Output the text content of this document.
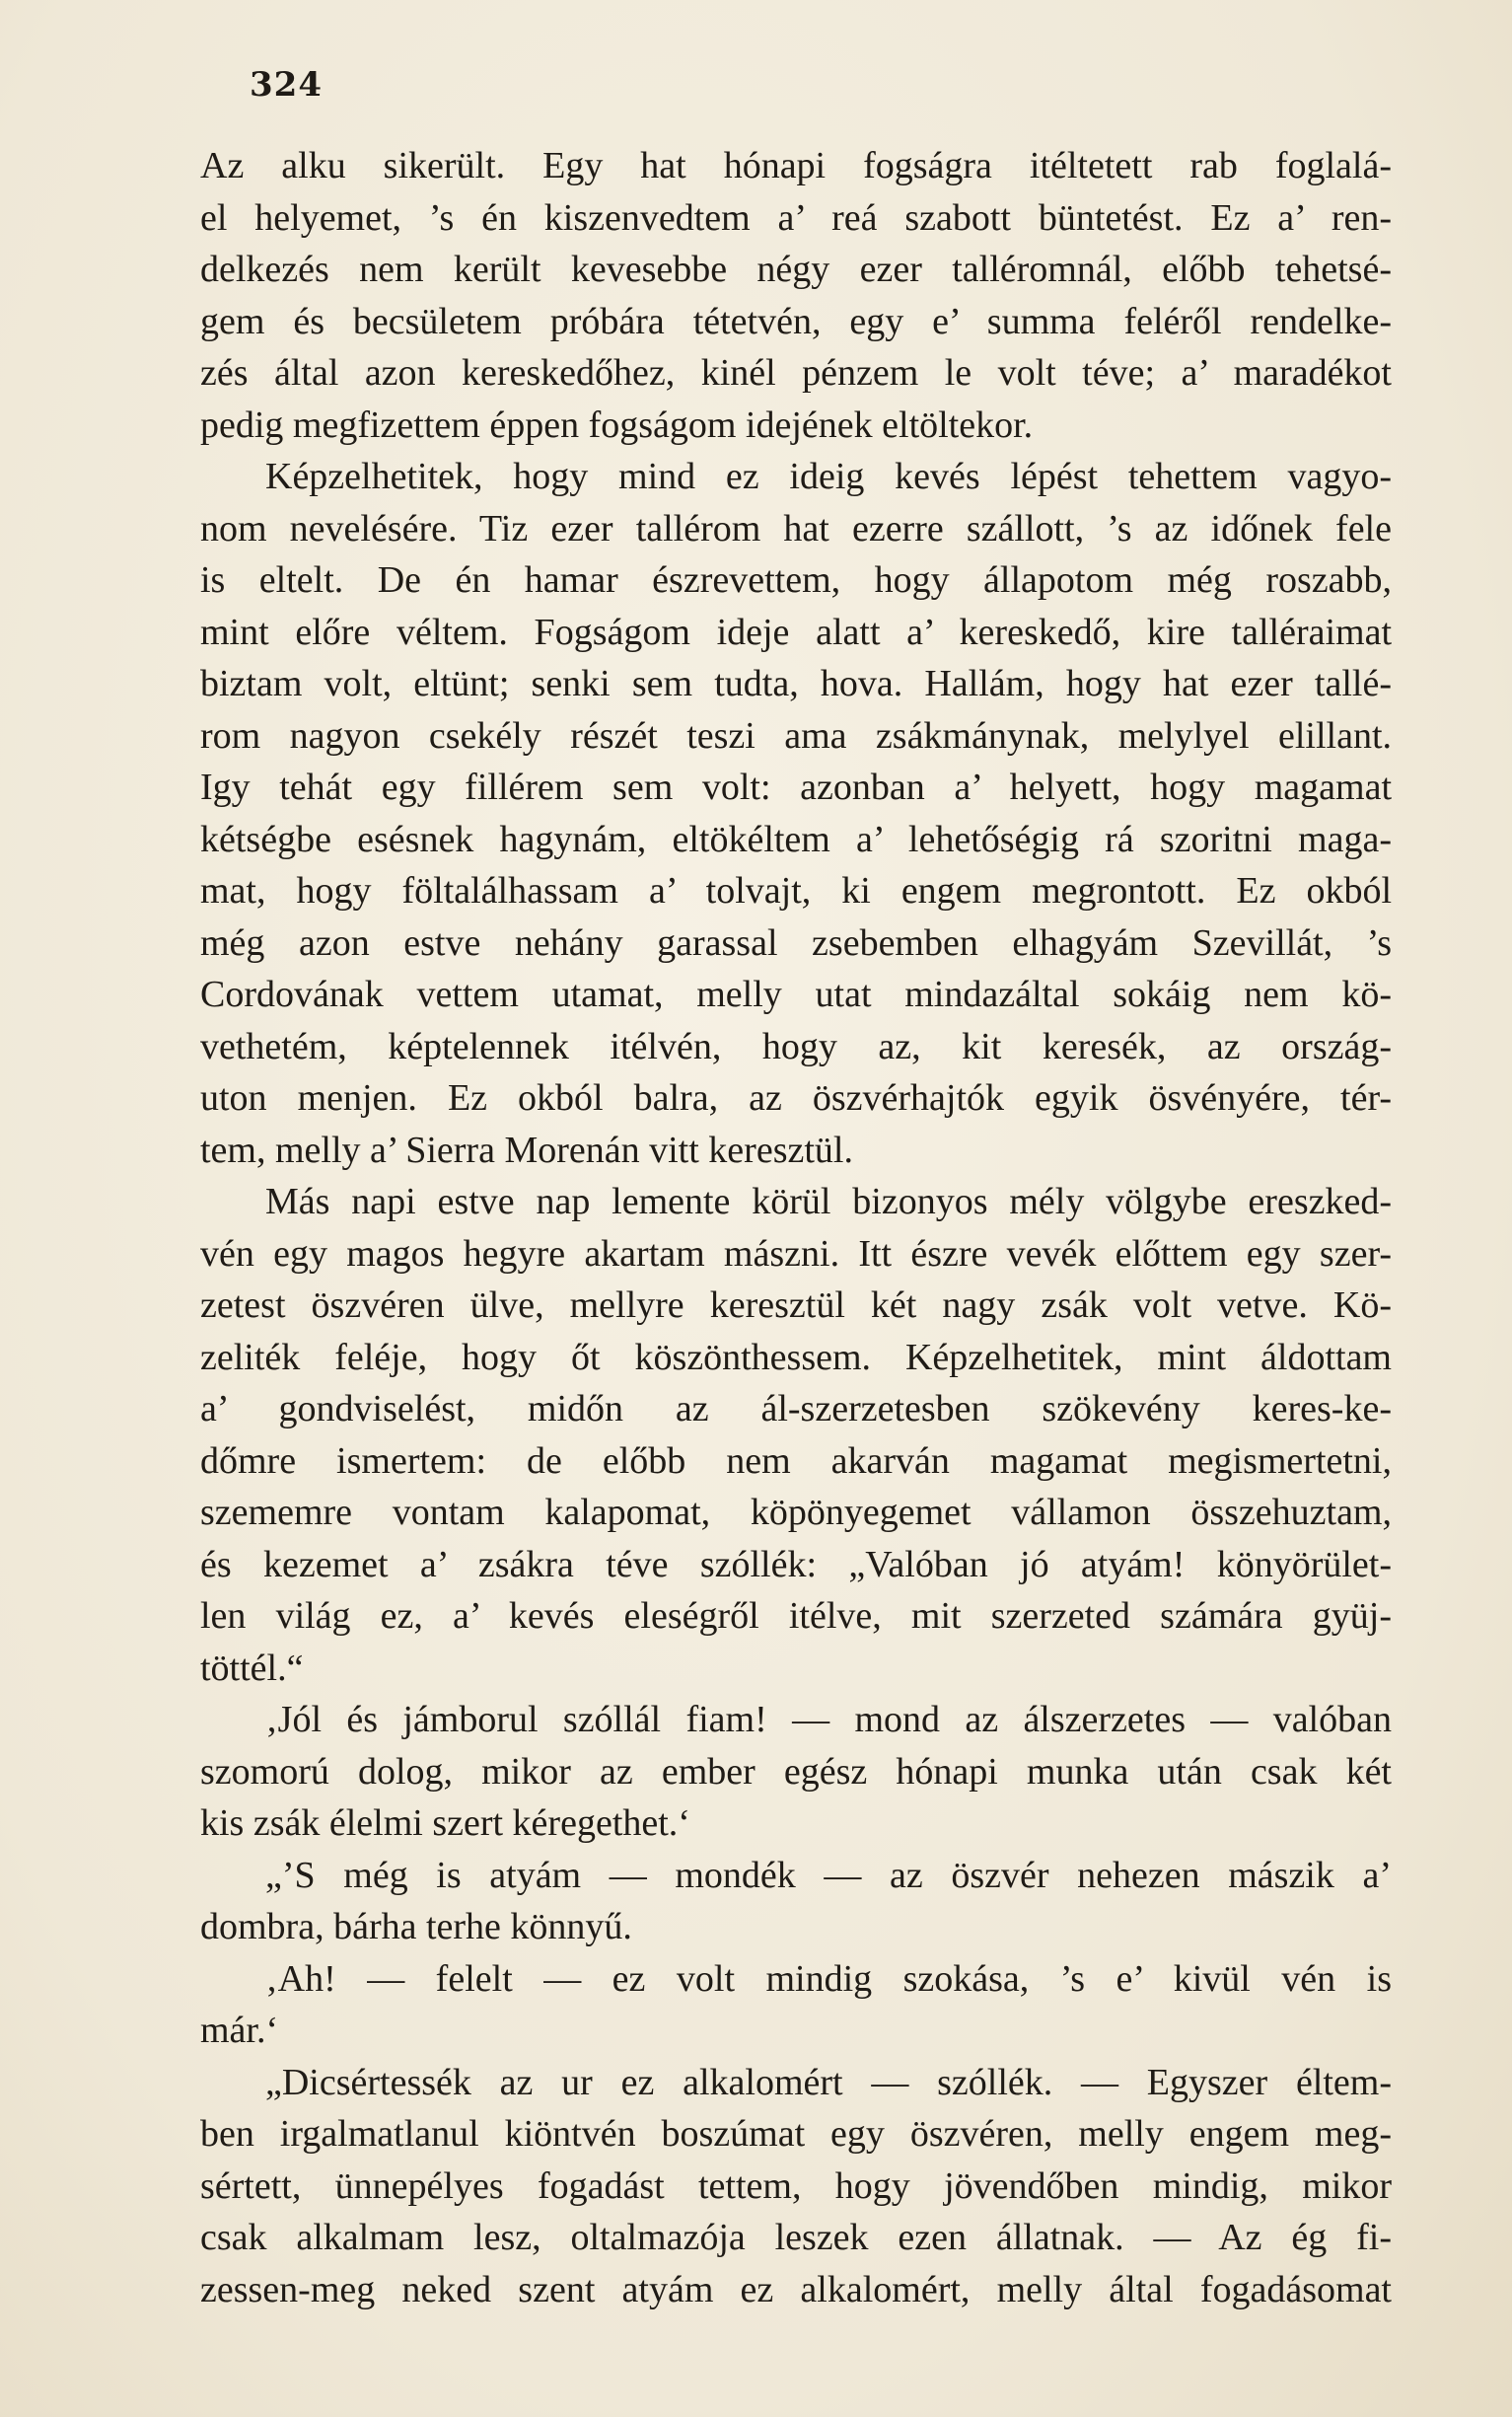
324
Az alku sikerült. Egy hat hónapi fogságra itéltetett rab foglalá-
el helyemet, ’s én kiszenvedtem a’ reá szabott büntetést. Ez a’ ren-
delkezés nem került kevesebbe négy ezer talléromnál, előbb tehetsé-
gem és becsületem próbára tétetvén, egy e’ summa feléről rendelke-
zés által azon kereskedőhez, kinél pénzem le volt téve; a’ maradékot
pedig megfizettem éppen fogságom idejének eltöltekor.
Képzelhetitek, hogy mind ez ideig kevés lépést tehettem vagyo-
nom nevelésére. Tiz ezer tallérom hat ezerre szállott, ’s az időnek fele
is eltelt. De én hamar észrevettem, hogy állapotom még roszabb,
mint előre véltem. Fogságom ideje alatt a’ kereskedő, kire talléraimat
biztam volt, eltünt; senki sem tudta, hova. Hallám, hogy hat ezer tallé-
rom nagyon csekély részét teszi ama zsákmánynak, melylyel elillant.
Igy tehát egy fillérem sem volt: azonban a’ helyett, hogy magamat
kétségbe esésnek hagynám, eltökéltem a’ lehetőségig rá szoritni maga-
mat, hogy föltalálhassam a’ tolvajt, ki engem megrontott. Ez okból
még azon estve nehány garassal zsebemben elhagyám Szevillát, ’s
Cordovának vettem utamat, melly utat mindazáltal sokáig nem kö-
vethetém, képtelennek itélvén, hogy az, kit keresék, az ország-
uton menjen. Ez okból balra, az öszvérhajtók egyik ösvényére, tér-
tem, melly a’ Sierra Morenán vitt keresztül.
Más napi estve nap lemente körül bizonyos mély völgybe ereszked-
vén egy magos hegyre akartam mászni. Itt észre vevék előttem egy szer-
zetest öszvéren ülve, mellyre keresztül két nagy zsák volt vetve. Kö-
zeliték feléje, hogy őt köszönthessem. Képzelhetitek, mint áldottam
a’ gondviselést, midőn az ál-szerzetesben szökevény keres-ke-
dőmre ismertem: de előbb nem akarván magamat megismertetni,
szememre vontam kalapomat, köpönyegemet vállamon összehuztam,
és kezemet a’ zsákra téve szóllék: „Valóban jó atyám! könyörület-
len világ ez, a’ kevés eleségről itélve, mit szerzeted számára gyüj-
töttél.“
‚Jól és jámborul szóllál fiam! — mond az álszerzetes — valóban
szomorú dolog, mikor az ember egész hónapi munka után csak két
kis zsák élelmi szert kéregethet.‘
„’S még is atyám — mondék — az öszvér nehezen mászik a’
dombra, bárha terhe könnyű.
‚Ah! — felelt — ez volt mindig szokása, ’s e’ kivül vén is
már.‘
„Dicsértessék az ur ez alkalomért — szóllék. — Egyszer éltem-
ben irgalmatlanul kiöntvén boszúmat egy öszvéren, melly engem meg-
sértett, ünnepélyes fogadást tettem, hogy jövendőben mindig, mikor
csak alkalmam lesz, oltalmazója leszek ezen állatnak. — Az ég fi-
zessen-meg neked szent atyám ez alkalomért, melly által fogadásomat
